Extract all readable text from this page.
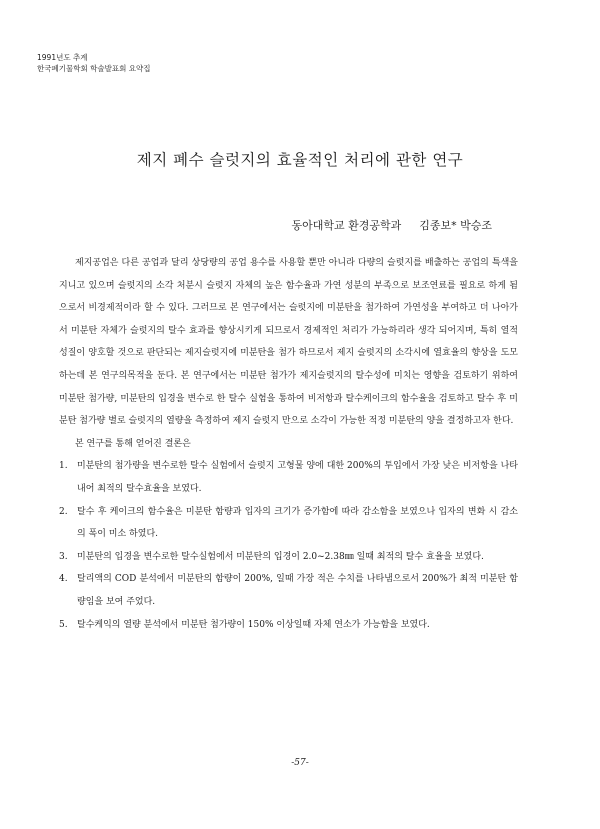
1991년도 추계
한국폐기물학회 학술발표회 요약집
제지 폐수 슬럿지의 효율적인 처리에 관한 연구
동아대학교 환경공학과 김종보* 박승조

제지공업은 다른 공업과 달리 상당량의 공업 용수를 사용할 뿐만 아니라 다량의 슬럿지를 배출하는 공업의 특색을 지니고 있으며 슬럿지의 소각 처분시 슬럿지 자체의 높은 함수율과 가연 성분의 부족으로 보조연료를 필요로 하게 됨으로서 비경제적이라 할 수 있다. 그러므로 본 연구에서는 슬럿지에 미분탄을 첨가하여 가연성을 부여하고 더 나아가서 미분탄 자체가 슬럿지의 탈수 효과를 향상시키게 되므로서 경제적인 처리가 가능하리라 생각 되어지며, 특히 열적 성질이 양호할 것으로 판단되는 제지슬럿지에 미분탄을 첨가 하므로서 제지 슬럿지의 소각시에 열효율의 향상을 도모하는데 본 연구의목적을 둔다. 본 연구에서는 미분탄 첨가가 제지슬럿지의 탈수성에 미치는 영향을 검토하기 위하여 미분탄 첨가량, 미분탄의 입경을 변수로 한 탈수 실험을 통하여 비저항과 탈수케이크의 함수율을 검토하고 탈수 후 미분탄 첨가량 별로 슬럿지의 열량을 측정하여 제지 슬럿지 만으로 소각이 가능한 적정 미분탄의 양을 결정하고자 한다.

본 연구를 통해 얻어진 결론은

1.	미분탄의 첨가량을 변수로한 탈수 실험에서 슬럿지 고형물 양에 대한 200%의 투입에서 가장 낮은 비저항을 나타내어 최적의 탈수효율을 보였다.
2.	탈수 후 케이크의 함수율은 미분탄 함량과 입자의 크기가 증가함에 따라 감소함을 보였으나 입자의 변화 시 감소의 폭이 미소 하였다.
3.	미분탄의 입경을 변수로한 탈수실험에서 미분탄의 입경이 2.0~2.38㎜ 일때 최적의 탈수 효율을 보였다.
4.	탈리액의 COD 분석에서 미분탄의 함량이 200%, 일때 가장 적은 수치를 나타냄으로서 200%가 최적 미분탄 함량임을 보여 주었다.
5.	탈수케익의 열량 분석에서 미분탄 첨가량이 150% 이상일때 자체 연소가 가능함을 보였다.
-57-
